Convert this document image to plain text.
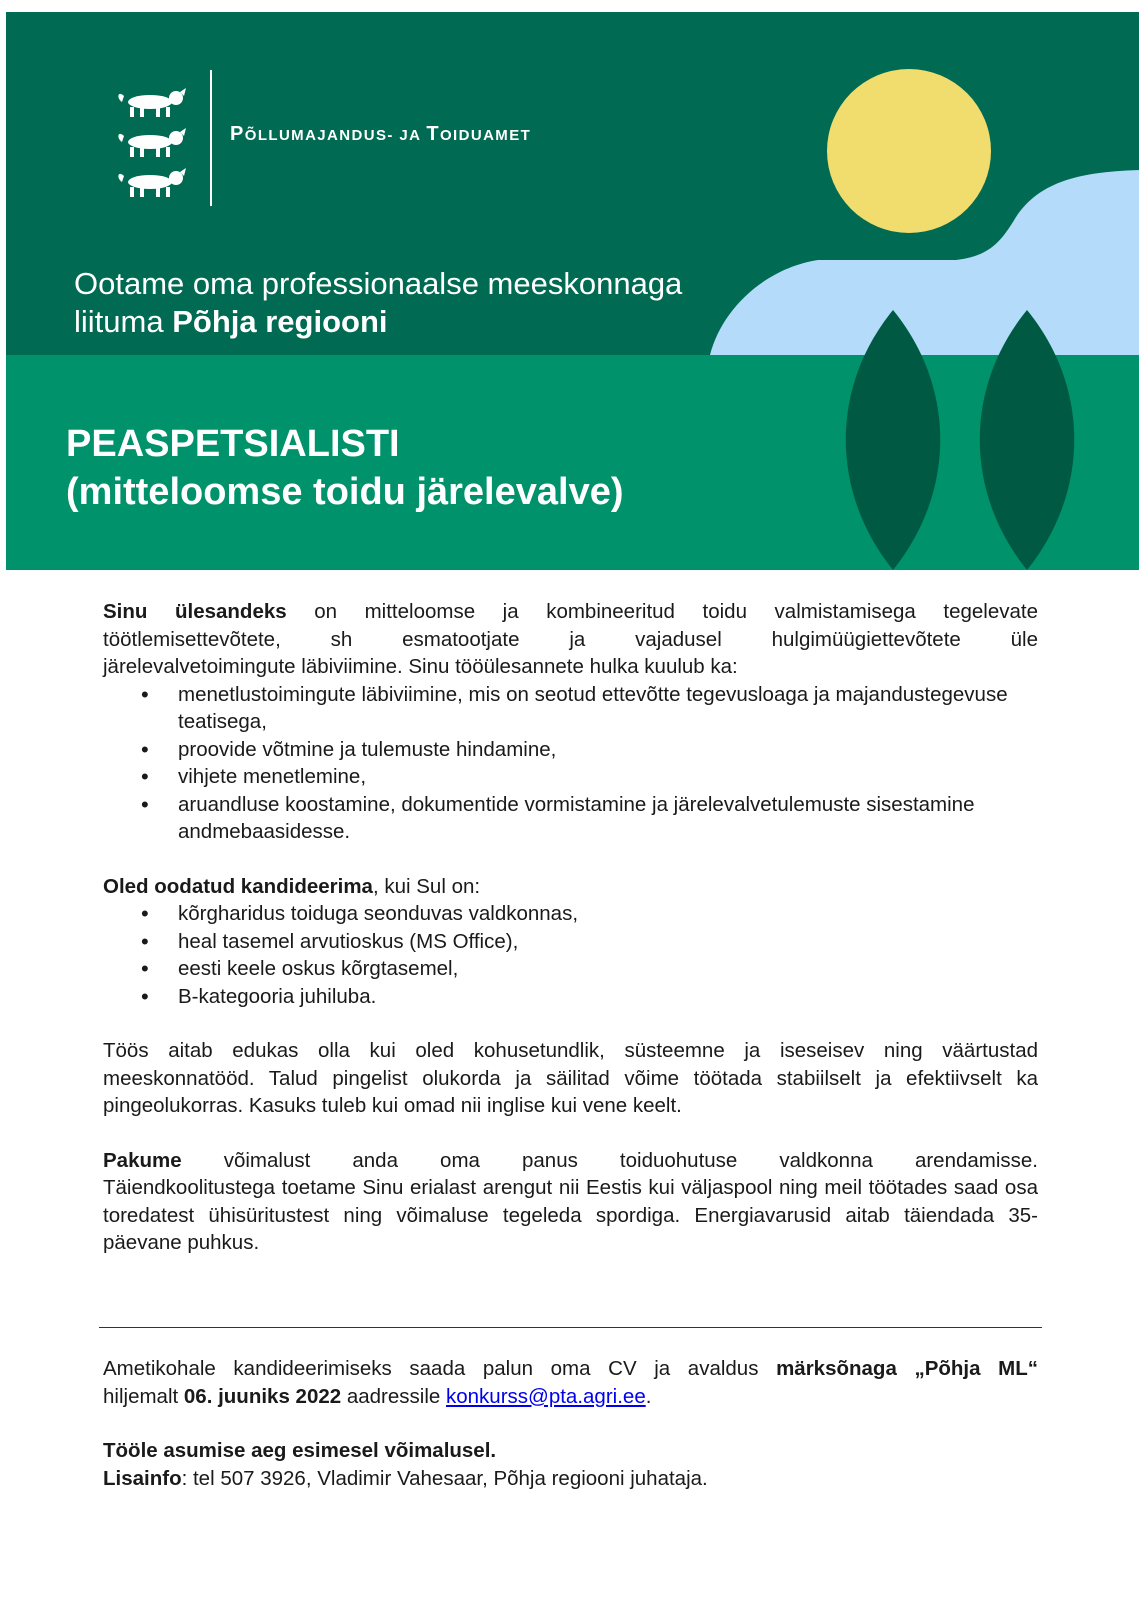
PÕLLUMAJANDUS- JA TOIDUAMET
Ootame oma professionaalse meeskonnaga
liituma Põhja regiooni
PEASPETSIALISTI
(mitteloomse toidu järelevalve)

Sinu ülesandeks on mitteloomse ja kombineeritud toidu valmistamisega tegelevate

töötlemisettevõtete, sh esmatootjate ja vajadusel hulgimüügiettevõtete üle

järelevalvetoimingute läbiviimine. Sinu tööülesannete hulka kuulub ka:

• menetlustoimingute läbiviimine, mis on seotud ettevõtte tegevusloaga ja majandustegevuse teatisega,
• proovide võtmine ja tulemuste hindamine,
• vihjete menetlemine,
• aruandluse koostamine, dokumentide vormistamine ja järelevalvetulemuste sisestamine andmebaasidesse.

Oled oodatud kandideerima, kui Sul on:

• kõrgharidus toiduga seonduvas valdkonnas,
• heal tasemel arvutioskus (MS Office),
• eesti keele oskus kõrgtasemel,
• B-kategooria juhiluba.

Töös aitab edukas olla kui oled kohusetundlik, süsteemne ja iseseisev ning väärtustad meeskonnatööd. Talud pingelist olukorda ja säilitad võime töötada stabiilselt ja efektiivselt ka pingeolukorras. Kasuks tuleb kui omad nii inglise kui vene keelt.

Pakume võimalust anda oma panus toiduohutuse valdkonna arendamisse.

Täiendkoolitustega toetame Sinu erialast arengut nii Eestis kui väljaspool ning meil töötades saad osa toredatest ühisüritustest ning võimaluse tegeleda spordiga. Energiavarusid aitab täiendada 35-päevane puhkus.

Ametikohale kandideerimiseks saada palun oma CV ja avaldus märksõnaga „Põhja ML“

hiljemalt 06. juuniks 2022 aadressile konkurss@pta.agri.ee.

Tööle asumise aeg esimesel võimalusel.

Lisainfo: tel 507 3926, Vladimir Vahesaar, Põhja regiooni juhataja.
